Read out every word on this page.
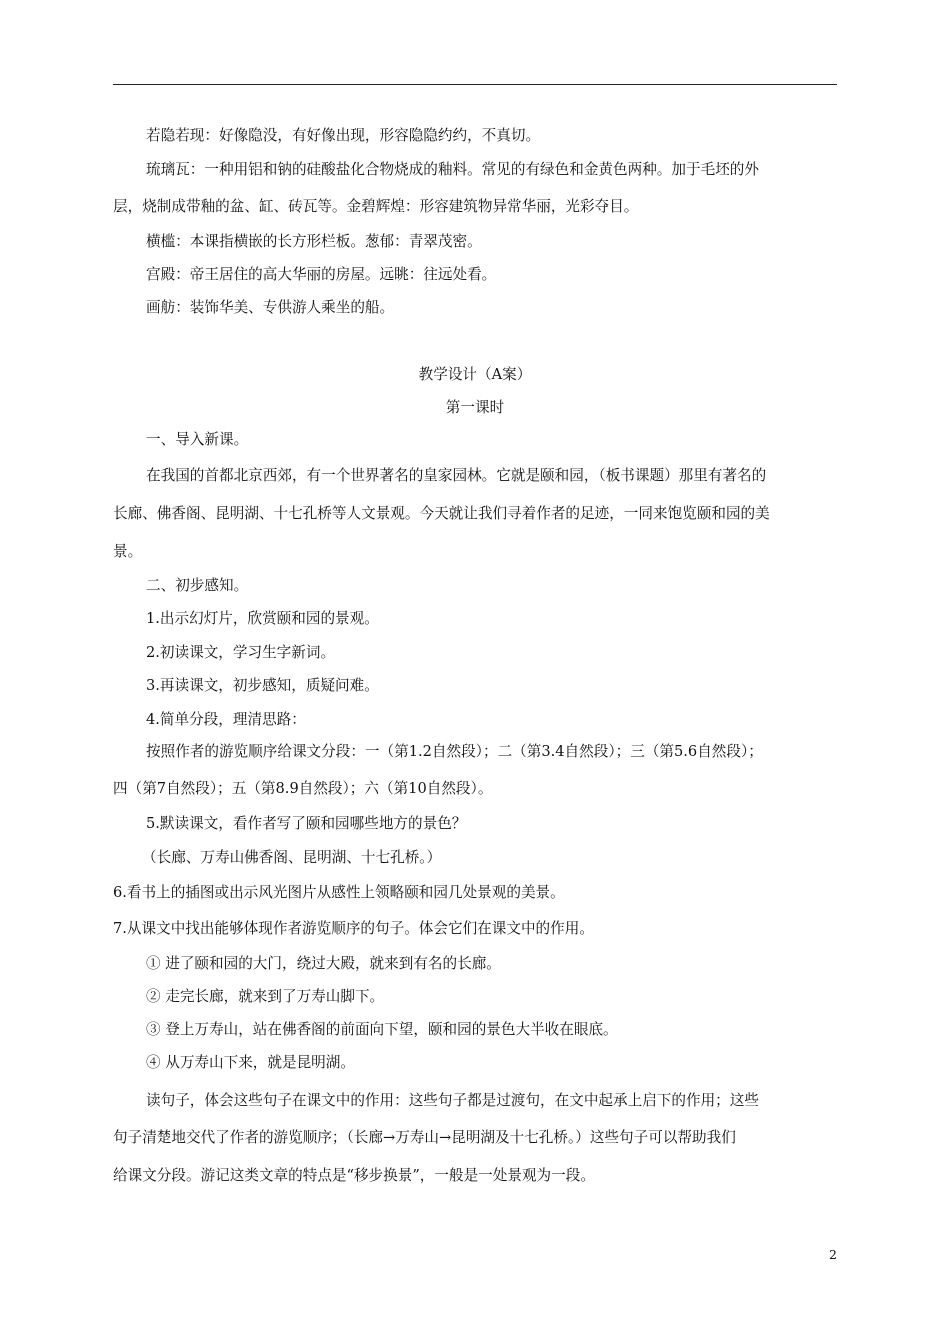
若隐若现：好像隐没，有好像出现，形容隐隐约约，不真切。
琉璃瓦：一种用铝和钠的硅酸盐化合物烧成的釉料。常见的有绿色和金黄色两种。加于毛坯的外
层，烧制成带釉的盆、缸、砖瓦等。金碧辉煌：形容建筑物异常华丽，光彩夺目。
横槛：本课指横嵌的长方形栏板。葱郁：青翠茂密。
宫殿：帝王居住的高大华丽的房屋。远眺：往远处看。
画舫：装饰华美、专供游人乘坐的船。
教学设计（A案）
第一课时
一、导入新课。
在我国的首都北京西郊，有一个世界著名的皇家园林。它就是颐和园，（板书课题）那里有著名的
长廊、佛香阁、昆明湖、十七孔桥等人文景观。今天就让我们寻着作者的足迹，一同来饱览颐和园的美
景。
二、初步感知。
1.出示幻灯片，欣赏颐和园的景观。
2.初读课文，学习生字新词。
3.再读课文，初步感知，质疑问难。
4.简单分段，理清思路：
按照作者的游览顺序给课文分段：一（第1.2自然段）；二（第3.4自然段）；三（第5.6自然段）；
四（第7自然段）；五（第8.9自然段）；六（第10自然段）。
5.默读课文，看作者写了颐和园哪些地方的景色？
（长廊、万寿山佛香阁、昆明湖、十七孔桥。）
6.看书上的插图或出示风光图片从感性上领略颐和园几处景观的美景。
7.从课文中找出能够体现作者游览顺序的句子。体会它们在课文中的作用。
① 进了颐和园的大门，绕过大殿，就来到有名的长廊。
② 走完长廊，就来到了万寿山脚下。
③ 登上万寿山，站在佛香阁的前面向下望，颐和园的景色大半收在眼底。
④ 从万寿山下来，就是昆明湖。
读句子，体会这些句子在课文中的作用：这些句子都是过渡句，在文中起承上启下的作用；这些
句子清楚地交代了作者的游览顺序；（长廊→万寿山→昆明湖及十七孔桥。）这些句子可以帮助我们
给课文分段。游记这类文章的特点是“移步换景”，一般是一处景观为一段。
2
